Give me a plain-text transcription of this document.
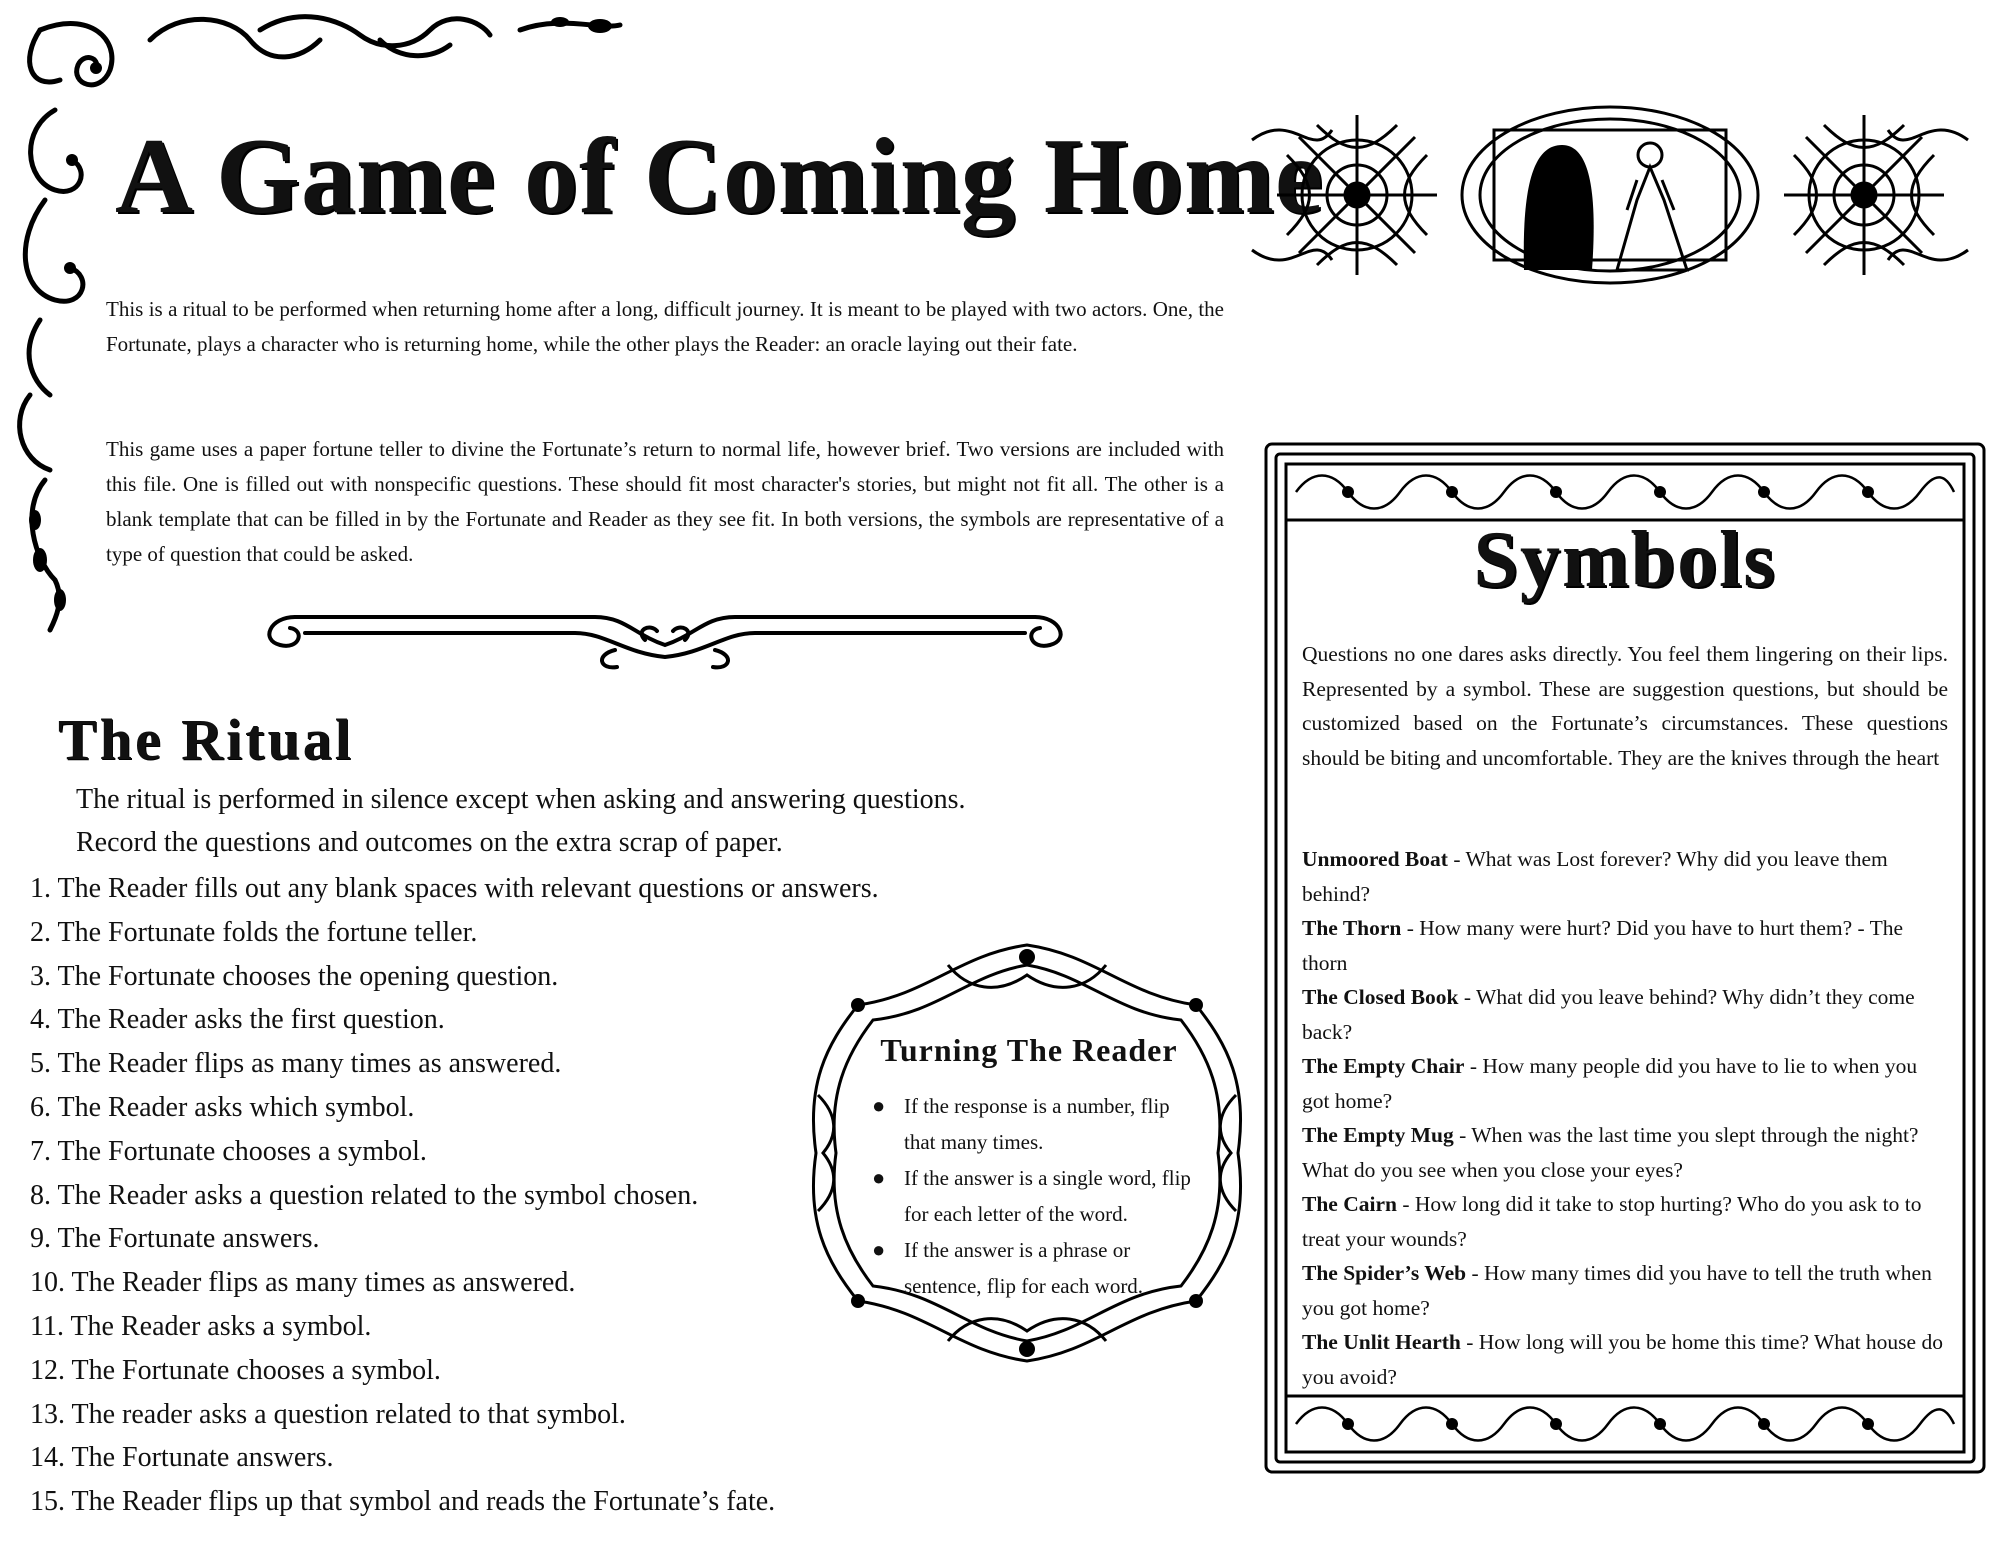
A Game of Coming Home

This is a ritual to be performed when returning home after a long, difficult journey. It is meant to be played with two actors. One, the Fortunate, plays a character who is returning home, while the other plays the Reader: an oracle laying out their fate.

This game uses a paper fortune teller to divine the Fortunate’s return to normal life, however brief. Two versions are included with this file. One is filled out with nonspecific questions. These should fit most character's stories, but might not fit all. The other is a blank template that can be filled in by the Fortunate and Reader as they see fit. In both versions, the symbols are representative of a type of question that could be asked.

The Ritual
The ritual is performed in silence except when asking and answering questions.
Record the questions and outcomes on the extra scrap of paper.
1. The Reader fills out any blank spaces with relevant questions or answers.
2. The Fortunate folds the fortune teller.
3. The Fortunate chooses the opening question.
4. The Reader asks the first question.
5. The Reader flips as many times as answered.
6. The Reader asks which symbol.
7. The Fortunate chooses a symbol.
8. The Reader asks a question related to the symbol chosen.
9. The Fortunate answers.
10. The Reader flips as many times as answered.
11. The Reader asks a symbol.
12. The Fortunate chooses a symbol.
13. The reader asks a question related to that symbol.
14. The Fortunate answers.
15. The Reader flips up that symbol and reads the Fortunate’s fate.
Turning The Reader
● If the response is a number, flip that many times.
● If the answer is a single word, flip for each letter of the word.
● If the answer is a phrase or sentence, flip for each word.
Symbols

Questions no one dares asks directly. You feel them lingering on their lips. Represented by a symbol. These are suggestion questions, but should be customized based on the Fortunate’s circumstances. These questions should be biting and uncomfortable. They are the knives through the heart

Unmoored Boat - What was Lost forever? Why did you leave them behind?
The Thorn - How many were hurt? Did you have to hurt them? - The thorn
The Closed Book - What did you leave behind? Why didn’t they come back?
The Empty Chair - How many people did you have to lie to when you got home?
The Empty Mug - When was the last time you slept through the night? What do you see when you close your eyes?
The Cairn - How long did it take to stop hurting? Who do you ask to to treat your wounds?
The Spider’s Web - How many times did you have to tell the truth when you got home?
The Unlit Hearth - How long will you be home this time? What house do you avoid?
